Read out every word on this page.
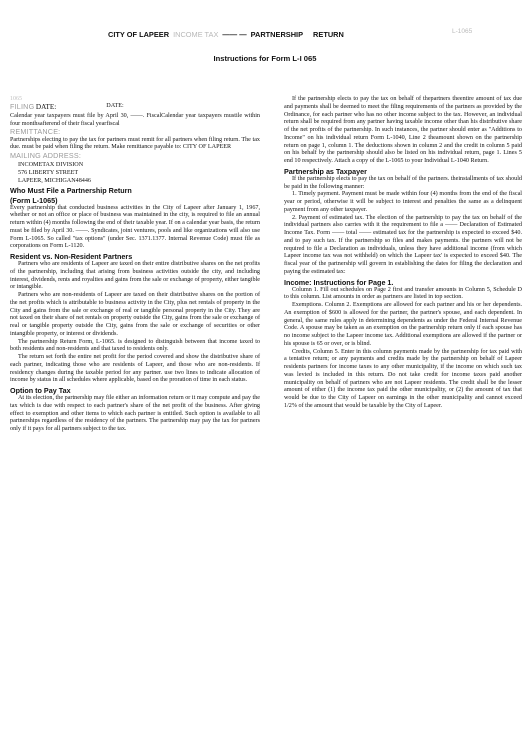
CITY OF LAPEER INCOME TAX —— — PARTNERSHIP RETURN	L-1065
Instructions for Form L-I 065
1065
FILING DATE:	DATE:

Calendar year taxpayers must file by April 30, ——. FiscalCalendar year taxpayers mustile within four monthsafterend of their fiscal yearfiscal

REMITTANCE:

Partnerships electing to pay the tax for partners must remit for all partners when filing return. The tax due. must be paid when filing the return. Make remittance payable to: CITY OF LAPEER

MAILING ADDRESS:
INCOMETAX DIVISION
576 LIBERTY STREET
LAPEER, MICHIGAN48446
Who Must File a Partnership Return
(Form L-1065)

Every partnership that conducted business activities in the City of Lapeer after January 1, 1967, whether or not an office or place of business was maintained in the city, is required to file an annual return within (4) months following the end of their taxable year. If on a calendar year basis, the return must be filed by April 30. ——. Syndicates, joint ventures, pools and like organizations will also use Form L-1065. So called "tax options" (under Sec. 1371.1377. Internal Revenue Code) must file as corporations on Form L-1120.

Resident vs. Non-Resident Partners

Partners who are residents of Lapeer are taxed on their entire distributive shares on the net profits of the partnership, including that arising from business activities outside the city, and including interest, dividends, rents and royalties and gains from the sale or exchange of property, either tangible or intangible.

Partners who are non-residents of Lapeer are taxed on their distributive shares on the portion of the net profits which is attributable to business activity in the City, plus net rentals of property in the City and gains from the sale or exchange of real or tangible personal property in the City. They are not taxed on their share of net rentals on property outside the City, gains from the sale or exchange of real or tangible property outside the City, gains from the sale or exchange of securities or other intangible property, or interest or dividends.

The partnership Return Form, L-1065. is designed to distinguish between that income taxed to both residents and non-residents and that taxed to residents only.

The return set forth the entire net profit for the period covered and show the distributive share of each partner, indicating those who are residents of Lapeer, and those who are non-residents. If residency changes during the taxable period for any partner. use two lines to indicate allocation of income by status in all schedules where applicable, based on the proration of time in each status.

Option to Pay Tax

At its election, the partnership may file either an information return or it may compute and pay the tax which is due with respect to each partner's share of the net profit of the business. After giving effect to exemption and other items to which each partner is entitled. Such option is available to all partnerships regardless of the residency of the partners. The partnership may pay the tax for partners only if it pays for all partners subject to the tax.

If the partnership elects to pay the tax on behalf of thepartners theentire amount of tax due and payments shall be deemed to meet the filing requirements of the partners as provided by the Ordinance, for each partner who has no other income subject to the tax. However, an individual return shall be required from any partner having taxable income other than his distributive share of the net profits of the partnership. In such instances, the partner should enter as "Additions to Income" on his individual return Form L-1040, Line 2 theamount shown on the partnership return on page 1, column 1. The deductions shown in column 2 and the credit in column 5 paid on his behalf by the partnership should also be listed on his individual return, page 1. Lines 5 end 10 respectively. Attach a copy of the L-1065 to your Individual L-1040 Return.

Partnership as Taxpayer

If the partnership elects to pay the tax on behalf of the partners. theinstallments of tax should be paid in the following manner:

1. Timely payment. Payment must be made within four (4) months from the end of the fiscal year or period, otherwise it will be subject to interest and penalties the same as a delinquent payment from any other taxpayer.

2. Payment of estimated tax. The election of the partnership to pay the tax on behalf of the individual partners also carries with it the requirement to file a —— Declaration of Estimated Income Tax. Form —— total —— estimated tax for the partnership is expected to exceed $40. and to pay such tax. If the partnership so files and makes payments. the partners will not be required to file a Declaration as individuals, unless they have additional income (from which Lapeer income tax was not withheld) on which the Lapeer tax' is expected to exceed $40. The fiscal year of the partnership will govern in establishing the dates for filing the declaration and paying the estimated tax:

Income: Instructions for Page 1.

Column 1. Fill out schedules on Page 2 first and transfer amounts in Column 5, Schedule D to this column. List amounts in order as partners are listed in top section.

Exemptions. Column 2. Exemptions are allowed for each partner and his or her dependents. An exemption of $600 is allowed for the partner, the partner's spouse, and each dependent. In general, the same rules apply in determining dependents as under the Federal Internal Revenue Code. A spouse may be taken as an exemption on the partnership return only if each spouse has no income subject to the Lapeer income tax. Additional exemptions are allowed if the partner or his spouse is 65 or over, or is blind.

Credits, Column 5. Enter in this column payments made by the partnership for tax paid with a tentative return; or any payments and credits made by the partnership on behalf of Lapeer residents partners for income taxes to any other municipality, if the income on which such tax was levied is included in this return. Do not take credit for income taxes paid another municipality on behalf of partners who are not Lapeer residents. The credit shall be the lesser amount of either (1) the income tax paid the other municipality, or (2) the amount of tax that would be due to the City of Lapeer on earnings in the other municipality and cannot exceed 1/2% of the amount that would be taxable by the City of Lapeer.
